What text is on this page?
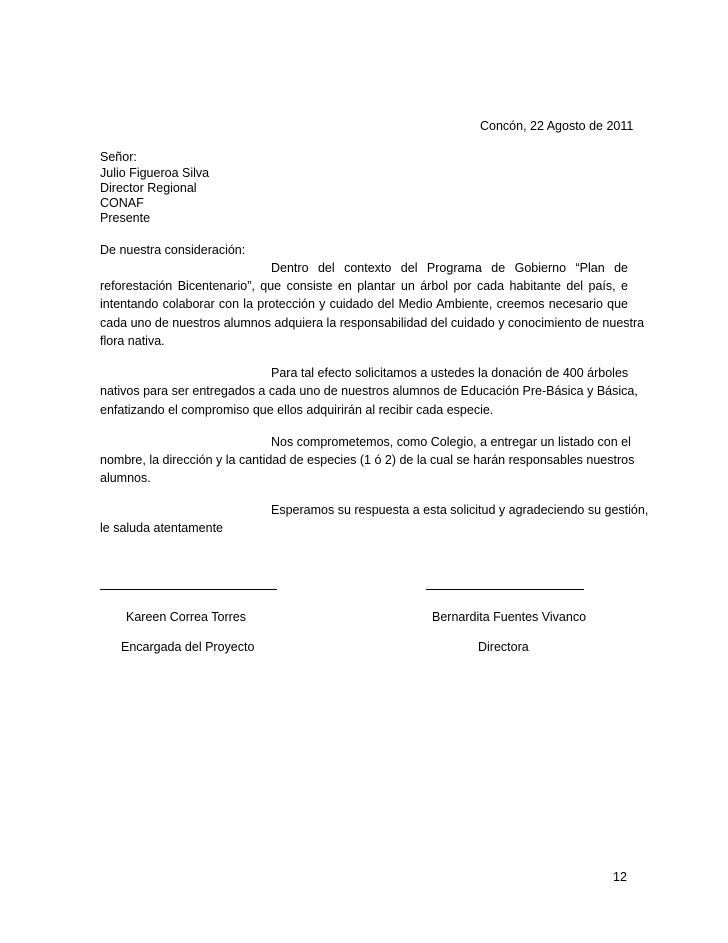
Concón, 22 Agosto de 2011
Señor:
Julio Figueroa Silva
Director Regional
CONAF
Presente
De nuestra consideración:
Dentro del contexto del Programa de Gobierno “Plan de
reforestación Bicentenario”, que consiste en plantar un árbol por cada habitante del país, e
intentando colaborar con la protección y cuidado del Medio Ambiente, creemos necesario que
cada uno de nuestros alumnos adquiera la responsabilidad del cuidado y conocimiento de nuestra
flora nativa.
Para tal efecto solicitamos a ustedes la donación de 400 árboles
nativos para ser entregados a cada uno de nuestros alumnos de Educación Pre-Básica y Básica,
enfatizando el compromiso que ellos adquirirán al recibir cada especie.
Nos comprometemos, como Colegio, a entregar un listado con el
nombre, la dirección y la cantidad de especies (1 ó 2) de la cual se harán responsables nuestros
alumnos.
Esperamos su respuesta a esta solicitud y agradeciendo su gestión,
le saluda atentamente
Kareen Correa Torres	Bernardita Fuentes Vivanco
Encargada del Proyecto	Directora
12
